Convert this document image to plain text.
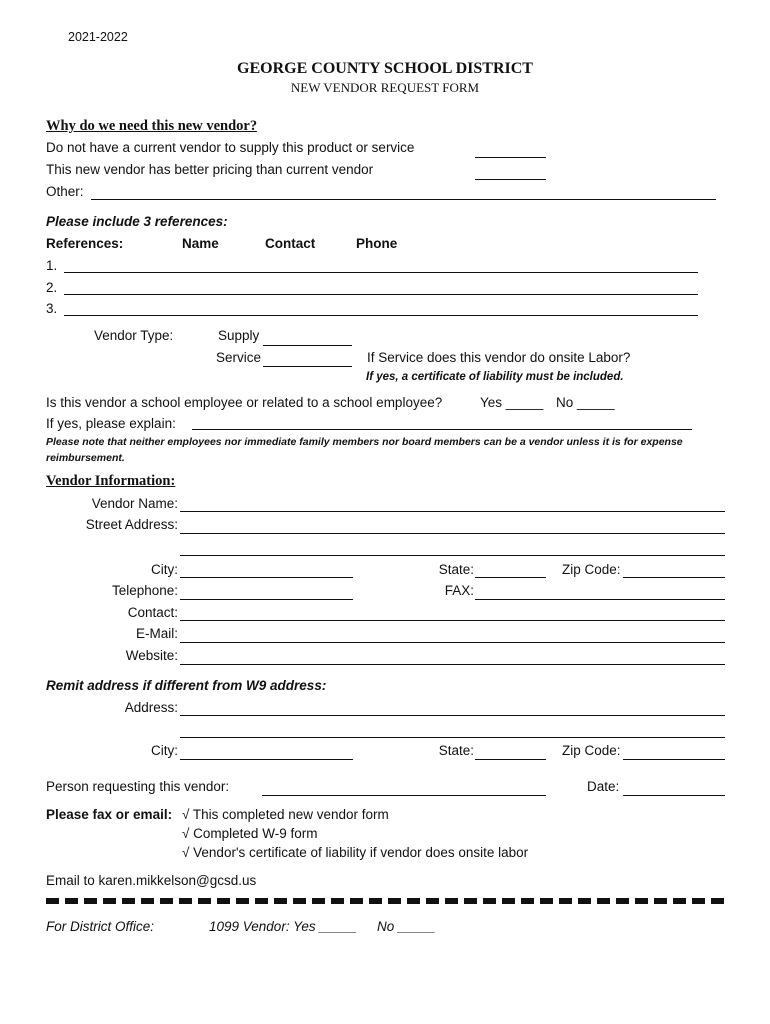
2021-2022
GEORGE COUNTY SCHOOL DISTRICT
NEW VENDOR REQUEST FORM
Why do we need this new vendor?
Do not have a current vendor to supply this product or service
This new vendor has better pricing than current vendor
Other:
Please include 3 references:
References:	Name	Contact	Phone
1.
2.
3.
Vendor Type:	Supply
Service	If Service does this vendor do onsite Labor?
If yes, a certificate of liability must be included.
Is this vendor a school employee or related to a school employee?	Yes _____ No _____
If yes, please explain:
Please note that neither employees nor immediate family members nor board members can be a vendor unless it is for expense
reimbursement.
Vendor Information:
Vendor Name:
Street Address:
City:	State:	Zip Code:
Telephone:	FAX:
Contact:
E-Mail:
Website:
Remit address if different from W9 address:
Address:
City:	State:	Zip Code:
Person requesting this vendor:	Date:
Please fax or email: √ This completed new vendor form
√ Completed W-9 form
√ Vendor's certificate of liability if vendor does onsite labor
Email to karen.mikkelson@gcsd.us
For District Office:	1099 Vendor: Yes _____ No _____
